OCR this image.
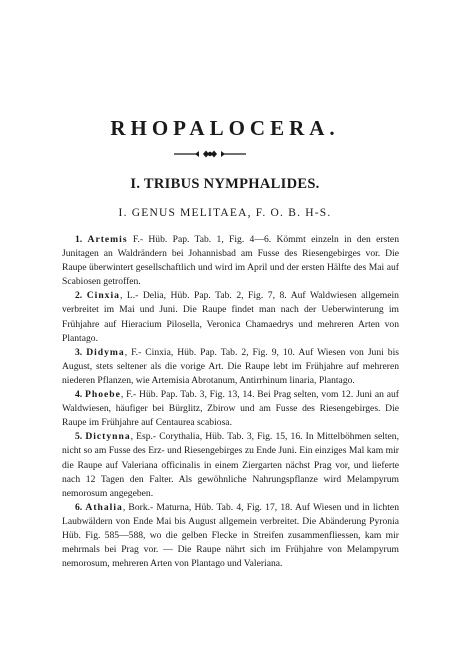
RHOPALOCERA.
I. TRIBUS NYMPHALIDES.
I. GENUS MELITAEA, F. O. B. H-S.

1. Artemis F.- Hüb. Pap. Tab. 1, Fig. 4—6. Kömmt einzeln in den ersten Junitagen an Waldrändern bei Johannisbad am Fusse des Riesengebirges vor. Die Raupe überwintert gesellschaftlich und wird im April und der ersten Hälfte des Mai auf Scabiosen getroffen.

2. Cinxia, L.- Delia, Hüb. Pap. Tab. 2, Fig. 7, 8. Auf Waldwiesen allgemein verbreitet im Mai und Juni. Die Raupe findet man nach der Ueberwinterung im Frühjahre auf Hieracium Pilosella, Veronica Chamaedrys und mehreren Arten von Plantago.

3. Didyma, F.- Cinxia, Hüb. Pap. Tab. 2, Fig. 9, 10. Auf Wiesen von Juni bis August, stets seltener als die vorige Art. Die Raupe lebt im Frühjahre auf mehreren niederen Pflanzen, wie Artemisia Abrotanum, Antirrhinum linaria, Plantago.

4. Phoebe, F.- Hüb. Pap. Tab. 3, Fig. 13, 14. Bei Prag selten, vom 12. Juni an auf Waldwiesen, häufiger bei Bürglitz, Zbirow und am Fusse des Riesengebirges. Die Raupe im Frühjahre auf Centaurea scabiosa.

5. Dictynna, Esp.- Corythalia, Hüb. Tab. 3, Fig. 15, 16. In Mittelböhmen selten, nicht so am Fusse des Erz- und Riesengebirges zu Ende Juni. Ein einziges Mal kam mir die Raupe auf Valeriana officinalis in einem Ziergarten nächst Prag vor, und lieferte nach 12 Tagen den Falter. Als gewöhnliche Nahrungspflanze wird Melampyrum nemorosum angegeben.

6. Athalia, Bork.- Maturna, Hüb. Tab. 4, Fig. 17, 18. Auf Wiesen und in lichten Laubwäldern von Ende Mai bis August allgemein verbreitet. Die Abänderung Pyronia Hüb. Fig. 585—588, wo die gelben Flecke in Streifen zusammenfliessen, kam mir mehrmals bei Prag vor. — Die Raupe nährt sich im Frühjahre von Melampyrum nemorosum, mehreren Arten von Plantago und Valeriana.
